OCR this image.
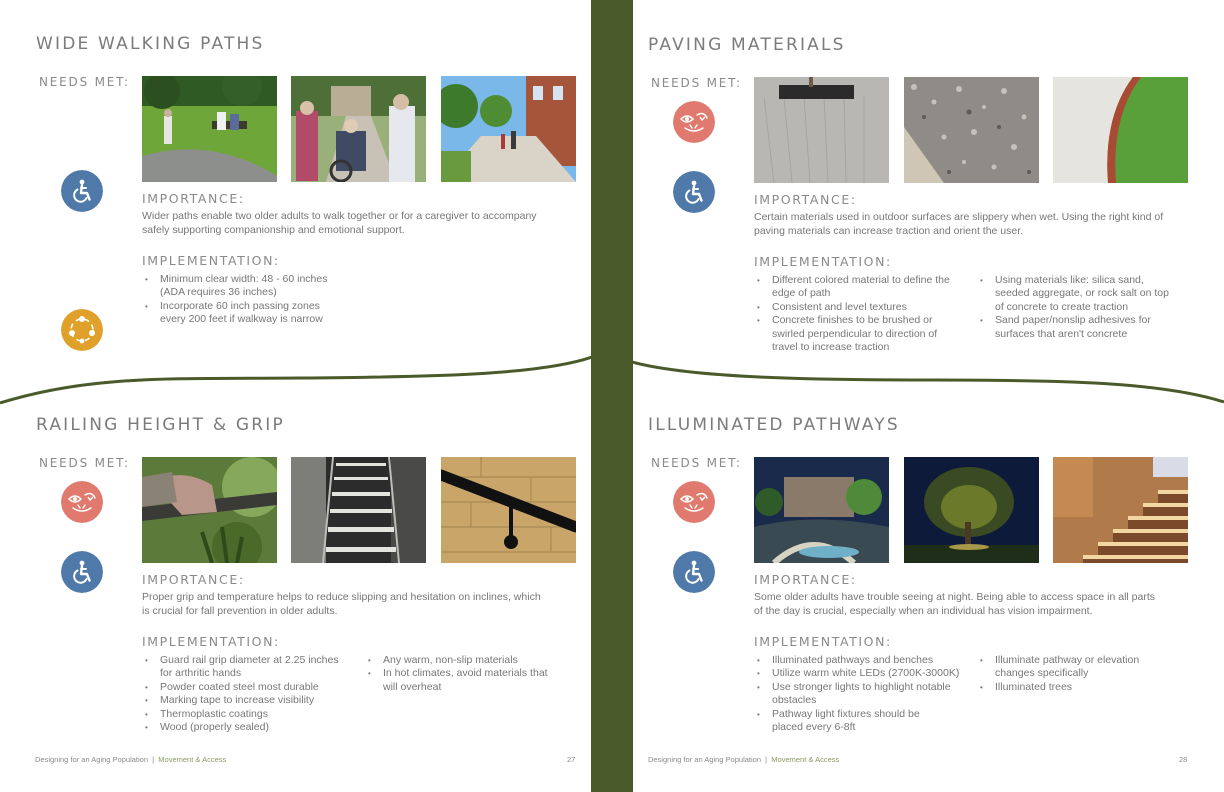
WIDE WALKING PATHS
NEEDS MET:
IMPORTANCE:
Wider paths enable two older adults to walk together or for a caregiver to accompany
safely supporting companionship and emotional support.
IMPLEMENTATION:
• Minimum clear width: 48 - 60 inches
(ADA requires 36 inches)
• Incorporate 60 inch passing zones
every 200 feet if walkway is narrow
PAVING MATERIALS
NEEDS MET:
IMPORTANCE:
Certain materials used in outdoor surfaces are slippery when wet. Using the right kind of
paving materials can increase traction and orient the user.
IMPLEMENTATION:
• Different colored material to define the
edge of path
• Consistent and level textures
• Concrete finishes to be brushed or
swirled perpendicular to direction of
travel to increase traction
• Using materials like: silica sand,
seeded aggregate, or rock salt on top
of concrete to create traction
• Sand paper/nonslip adhesives for
surfaces that aren't concrete
RAILING HEIGHT & GRIP
NEEDS MET:
IMPORTANCE:
Proper grip and temperature helps to reduce slipping and hesitation on inclines, which
is crucial for fall prevention in older adults.
IMPLEMENTATION:
• Guard rail grip diameter at 2.25 inches
for arthritic hands
• Powder coated steel most durable
• Marking tape to increase visibility
• Thermoplastic coatings
• Wood (properly sealed)
• Any warm, non-slip materials
• In hot climates, avoid materials that
will overheat
ILLUMINATED PATHWAYS
NEEDS MET:
IMPORTANCE:
Some older adults have trouble seeing at night. Being able to access space in all parts
of the day is crucial, especially when an individual has vision impairment.
IMPLEMENTATION:
• Illuminated pathways and benches
• Utilize warm white LEDs (2700K-3000K)
• Use stronger lights to highlight notable
obstacles
• Pathway light fixtures should be
placed every 6-8ft
• Illuminate pathway or elevation
changes specifically
• Illuminated trees
Designing for an Aging Population | Movement & Access	27	Designing for an Aging Population | Movement & Access	28
